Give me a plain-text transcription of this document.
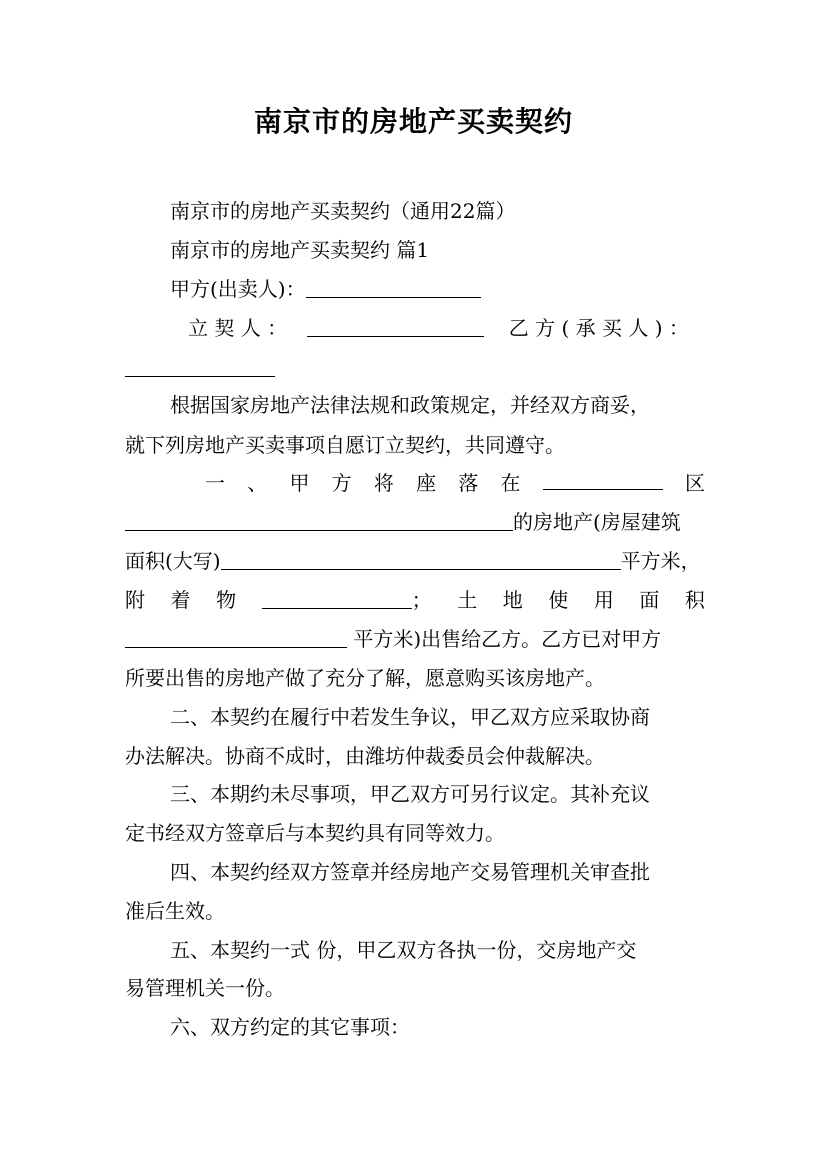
南京市的房地产买卖契约
南京市的房地产买卖契约（通用22篇）
南京市的房地产买卖契约 篇1
甲方(出卖人)：
立 契 人 ：	乙 方 ( 承 买 人 ) ：
根据国家房地产法律法规和政策规定，并经双方商妥，
就下列房地产买卖事项自愿订立契约，共同遵守。
一 、 甲 方 将 座 落 在	区
的房地产(房屋建筑
面积(大写)	平方米，
附 着 物	； 土 地 使 用 面 积
平方米)出售给乙方。乙方已对甲方
所要出售的房地产做了充分了解，愿意购买该房地产。
二、本契约在履行中若发生争议，甲乙双方应采取协商
办法解决。协商不成时，由潍坊仲裁委员会仲裁解决。
三、本期约未尽事项，甲乙双方可另行议定。其补充议
定书经双方签章后与本契约具有同等效力。
四、本契约经双方签章并经房地产交易管理机关审查批
准后生效。
五、本契约一式 份，甲乙双方各执一份，交房地产交
易管理机关一份。
六、双方约定的其它事项：
